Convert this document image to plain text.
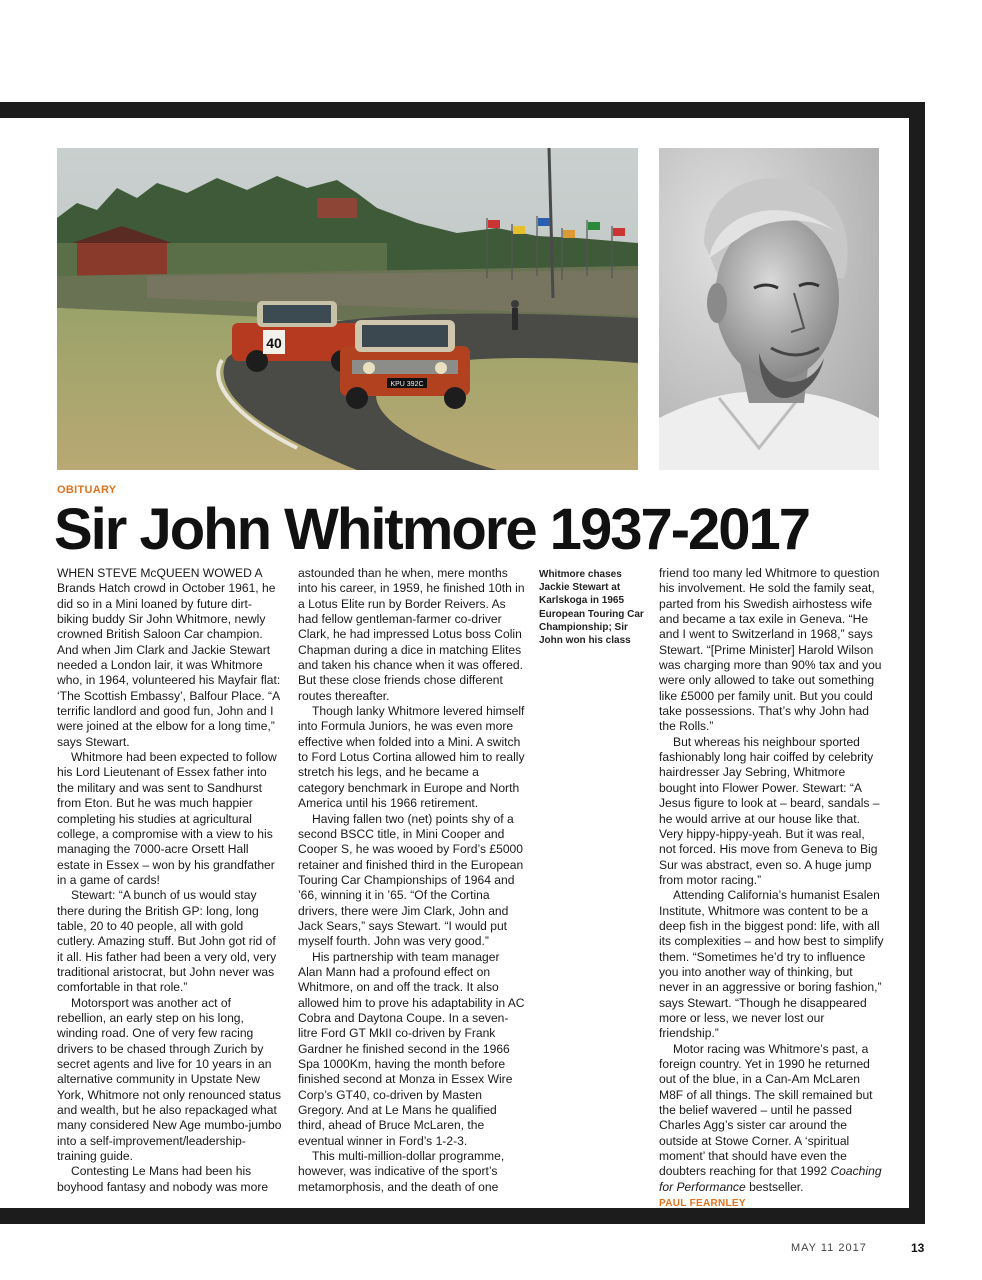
40
KPU 392C
OBITUARY
Sir John Whitmore 1937-2017

WHEN STEVE McQUEEN WOWED A Brands Hatch crowd in October 1961, he did so in a Mini loaned by future dirt-biking buddy Sir John Whitmore, newly crowned British Saloon Car champion. And when Jim Clark and Jackie Stewart needed a London lair, it was Whitmore who, in 1964, volunteered his Mayfair flat: ‘The Scottish Embassy’, Balfour Place. “A terrific landlord and good fun, John and I were joined at the elbow for a long time,” says Stewart.

Whitmore had been expected to follow his Lord Lieutenant of Essex father into the military and was sent to Sandhurst from Eton. But he was much happier completing his studies at agricultural college, a compromise with a view to his managing the 7000-acre Orsett Hall estate in Essex – won by his grandfather in a game of cards!

Stewart: “A bunch of us would stay there during the British GP: long, long table, 20 to 40 people, all with gold cutlery. Amazing stuff. But John got rid of it all. His father had been a very old, very traditional aristocrat, but John never was comfortable in that role.”

Motorsport was another act of rebellion, an early step on his long, winding road. One of very few racing drivers to be chased through Zurich by secret agents and live for 10 years in an alternative community in Upstate New York, Whitmore not only renounced status and wealth, but he also repackaged what many considered New Age mumbo-jumbo into a self-improvement/leadership-training guide.

Contesting Le Mans had been his boyhood fantasy and nobody was more

astounded than he when, mere months into his career, in 1959, he finished 10th in a Lotus Elite run by Border Reivers. As had fellow gentleman-farmer co-driver Clark, he had impressed Lotus boss Colin Chapman during a dice in matching Elites and taken his chance when it was offered. But these close friends chose different routes thereafter.

Though lanky Whitmore levered himself into Formula Juniors, he was even more effective when folded into a Mini. A switch to Ford Lotus Cortina allowed him to really stretch his legs, and he became a category benchmark in Europe and North America until his 1966 retirement.

Having fallen two (net) points shy of a second BSCC title, in Mini Cooper and Cooper S, he was wooed by Ford’s £5000 retainer and finished third in the European Touring Car Championships of 1964 and ’66, winning it in ’65. “Of the Cortina drivers, there were Jim Clark, John and Jack Sears,” says Stewart. “I would put myself fourth. John was very good.”

His partnership with team manager Alan Mann had a profound effect on Whitmore, on and off the track. It also allowed him to prove his adaptability in AC Cobra and Daytona Coupe. In a seven-litre Ford GT MkII co-driven by Frank Gardner he finished second in the 1966 Spa 1000Km, having the month before finished second at Monza in Essex Wire Corp’s GT40, co-driven by Masten Gregory. And at Le Mans he qualified third, ahead of Bruce McLaren, the eventual winner in Ford’s 1-2-3.

This multi-million-dollar programme, however, was indicative of the sport’s metamorphosis, and the death of one

Whitmore chases Jackie Stewart at Karlskoga in 1965 European Touring Car Championship; Sir John won his class

friend too many led Whitmore to question his involvement. He sold the family seat, parted from his Swedish airhostess wife and became a tax exile in Geneva. “He and I went to Switzerland in 1968,” says Stewart. “[Prime Minister] Harold Wilson was charging more than 90% tax and you were only allowed to take out something like £5000 per family unit. But you could take possessions. That’s why John had the Rolls.”

But whereas his neighbour sported fashionably long hair coiffed by celebrity hairdresser Jay Sebring, Whitmore bought into Flower Power. Stewart: “A Jesus figure to look at – beard, sandals – he would arrive at our house like that. Very hippy-hippy-yeah. But it was real, not forced. His move from Geneva to Big Sur was abstract, even so. A huge jump from motor racing.”

Attending California’s humanist Esalen Institute, Whitmore was content to be a deep fish in the biggest pond: life, with all its complexities – and how best to simplify them. “Sometimes he’d try to influence you into another way of thinking, but never in an aggressive or boring fashion,” says Stewart. “Though he disappeared more or less, we never lost our friendship.”

Motor racing was Whitmore’s past, a foreign country. Yet in 1990 he returned out of the blue, in a Can-Am McLaren M8F of all things. The skill remained but the belief wavered – until he passed Charles Agg’s sister car around the outside at Stowe Corner. A ‘spiritual moment’ that should have even the doubters reaching for that 1992 Coaching for Performance bestseller.

PAUL FEARNLEY
MAY 11 2017	13
